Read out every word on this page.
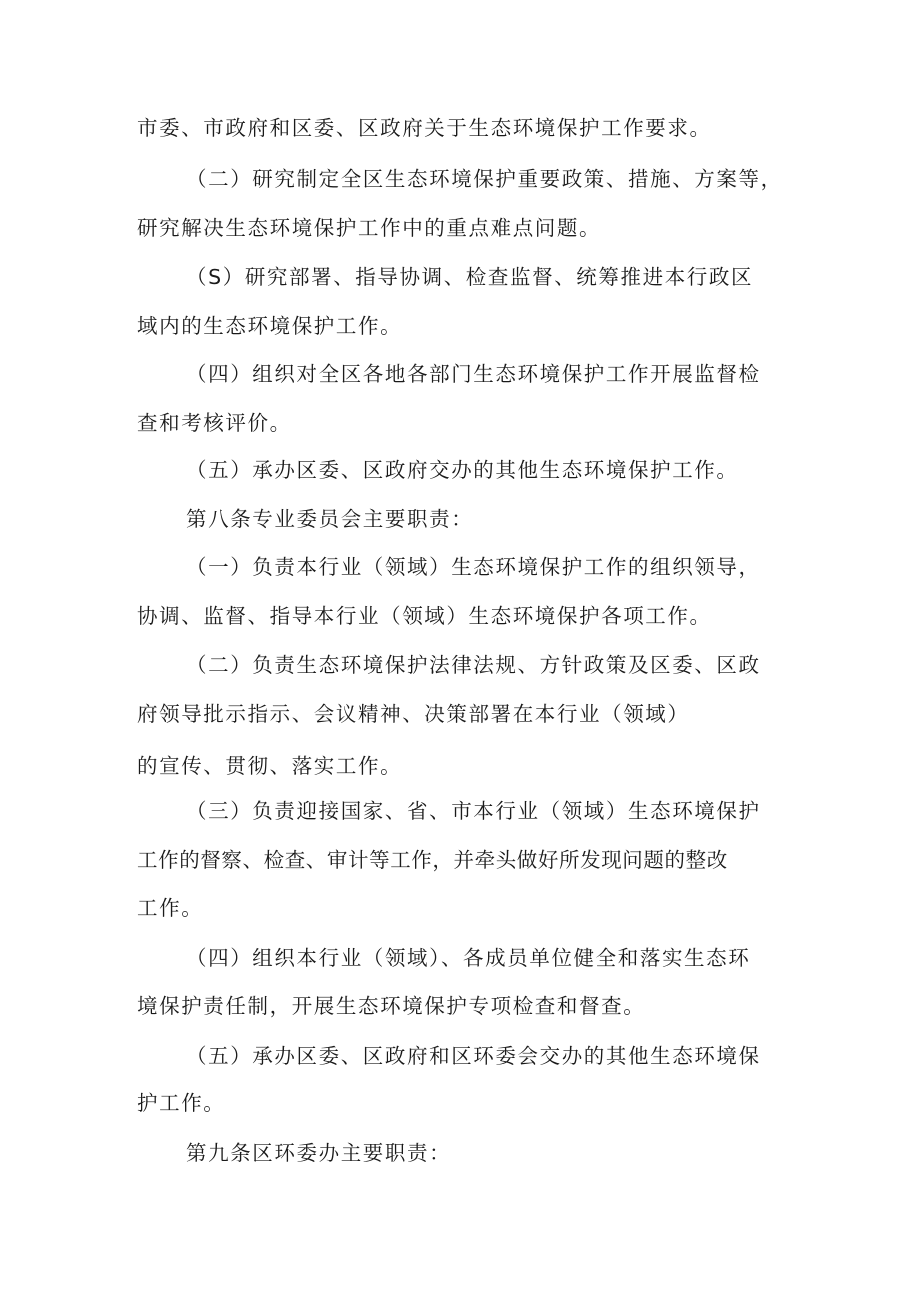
市委、市政府和区委、区政府关于生态环境保护工作要求。
（二）研究制定全区生态环境保护重要政策、措施、方案等，
研究解决生态环境保护工作中的重点难点问题。
（S）研究部署、指导协调、检查监督、统筹推进本行政区
域内的生态环境保护工作。
（四）组织对全区各地各部门生态环境保护工作开展监督检
查和考核评价。
（五）承办区委、区政府交办的其他生态环境保护工作。
第八条专业委员会主要职责：
（一）负责本行业（领域）生态环境保护工作的组织领导，
协调、监督、指导本行业（领域）生态环境保护各项工作。
（二）负责生态环境保护法律法规、方针政策及区委、区政
府领导批示指示、会议精神、决策部署在本行业（领域）
的宣传、贯彻、落实工作。
（三）负责迎接国家、省、市本行业（领域）生态环境保护
工作的督察、检查、审计等工作，并牵头做好所发现问题的整改
工作。
（四）组织本行业（领域）、各成员单位健全和落实生态环
境保护责任制，开展生态环境保护专项检查和督查。
（五）承办区委、区政府和区环委会交办的其他生态环境保
护工作。
第九条区环委办主要职责：
